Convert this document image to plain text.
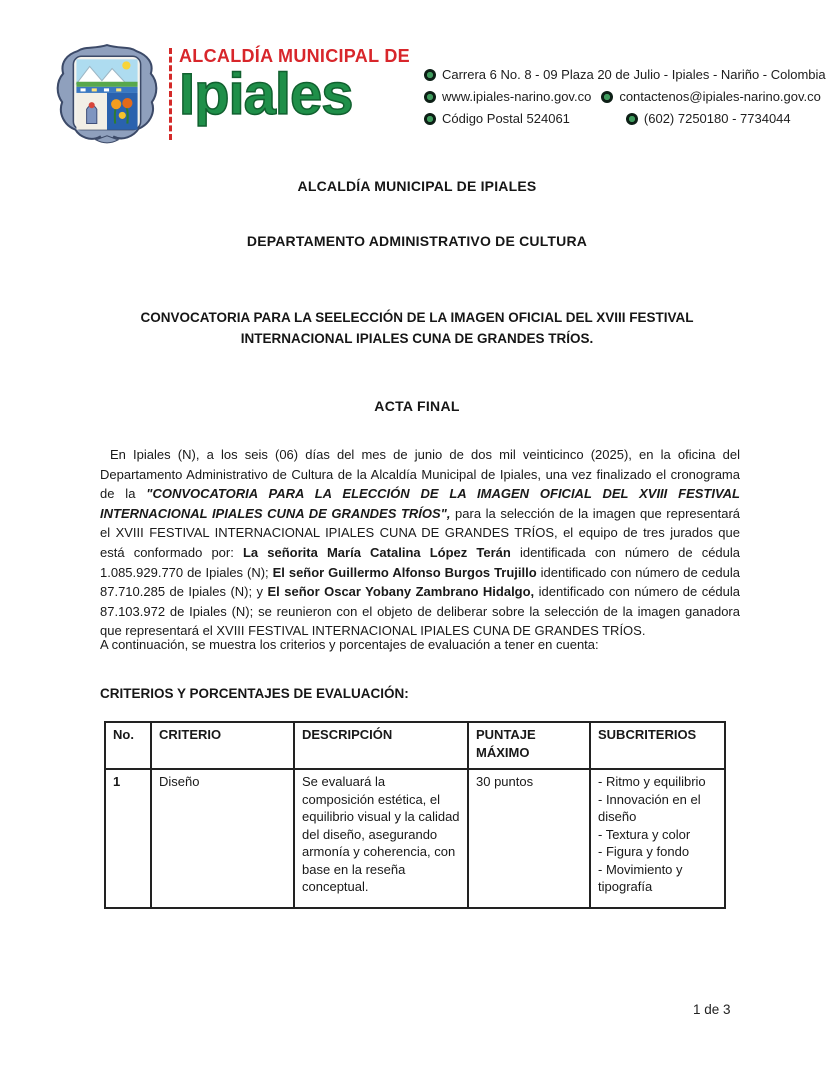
ALCALDÍA MUNICIPAL DE
Ipiales	Carrera 6 No. 8 - 09 Plaza 20 de Julio - Ipiales - Nariño - Colombia
www.ipiales-narino.gov.co contactenos@ipiales-narino.gov.co
Código Postal 524061	(602) 7250180 - 7734044
ALCALDÍA MUNICIPAL DE IPIALES
DEPARTAMENTO ADMINISTRATIVO DE CULTURA
CONVOCATORIA PARA LA SEELECCIÓN DE LA IMAGEN OFICIAL DEL XVIII FESTIVAL INTERNACIONAL IPIALES CUNA DE GRANDES TRÍOS.
ACTA FINAL

En Ipiales (N), a los seis (06) días del mes de junio de dos mil veinticinco (2025), en la oficina del Departamento Administrativo de Cultura de la Alcaldía Municipal de Ipiales, una vez finalizado el cronograma de la "CONVOCATORIA PARA LA ELECCIÓN DE LA IMAGEN OFICIAL DEL XVIII FESTIVAL INTERNACIONAL IPIALES CUNA DE GRANDES TRÍOS", para la selección de la imagen que representará el XVIII FESTIVAL INTERNACIONAL IPIALES CUNA DE GRANDES TRÍOS, el equipo de tres jurados que está conformado por: La señorita María Catalina López Terán identificada con número de cédula 1.085.929.770 de Ipiales (N); El señor Guillermo Alfonso Burgos Trujillo identificado con número de cedula 87.710.285 de Ipiales (N); y El señor Oscar Yobany Zambrano Hidalgo, identificado con número de cédula 87.103.972 de Ipiales (N); se reunieron con el objeto de deliberar sobre la selección de la imagen ganadora que representará el XVIII FESTIVAL INTERNACIONAL IPIALES CUNA DE GRANDES TRÍOS.

A continuación, se muestra los criterios y porcentajes de evaluación a tener en cuenta:
CRITERIOS Y PORCENTAJES DE EVALUACIÓN:
No.	CRITERIO	DESCRIPCIÓN	PUNTAJE MÁXIMO	SUBCRITERIOS
1	Diseño	Se evaluará la composición estética, el equilibrio visual y la calidad del diseño, asegurando armonía y coherencia, con base en la reseña conceptual.	30 puntos	- Ritmo y equilibrio
- Innovación en el diseño
- Textura y color
- Figura y fondo
- Movimiento y tipografía
1 de 3
